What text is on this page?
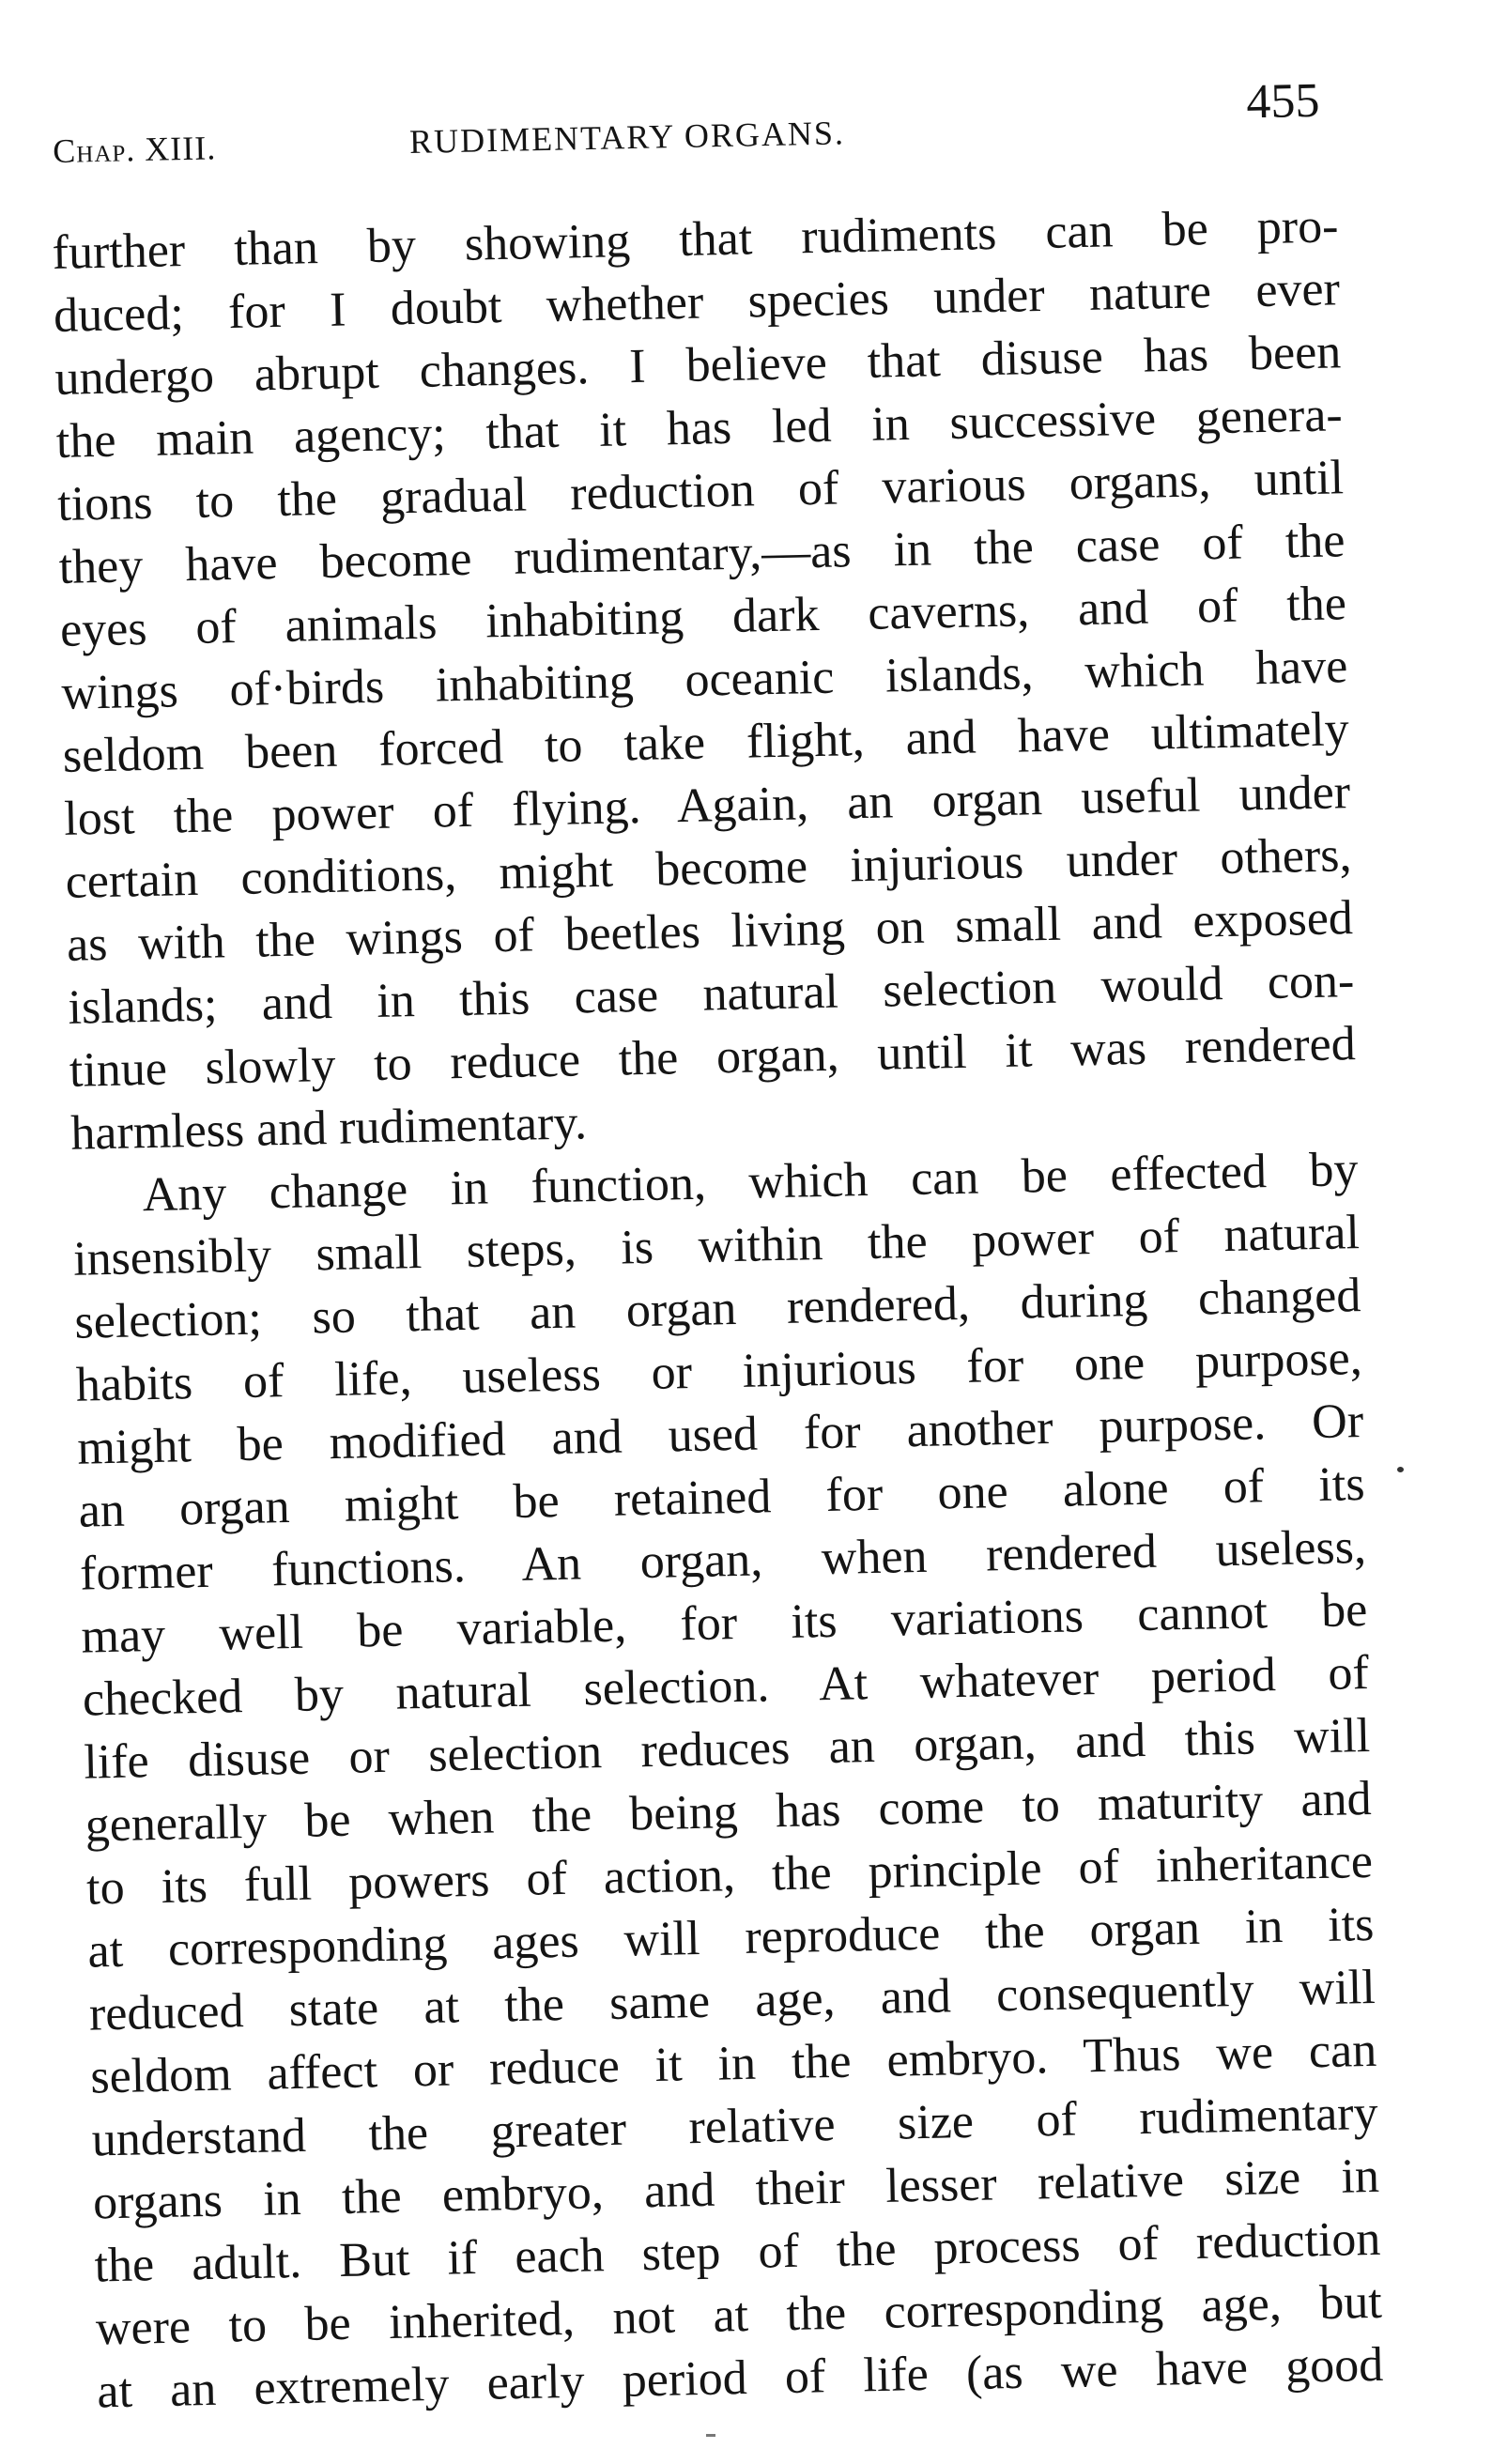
Chap. XIII.	RUDIMENTARY ORGANS.
455
further than by showing that rudiments can be pro-
duced; for I doubt whether species under nature ever
undergo abrupt changes. I believe that disuse has been
the main agency; that it has led in successive genera-
tions to the gradual reduction of various organs, until
they have become rudimentary,—as in the case of the
eyes of animals inhabiting dark caverns, and of the
wings of·birds inhabiting oceanic islands, which have
seldom been forced to take flight, and have ultimately
lost the power of flying. Again, an organ useful under
certain conditions, might become injurious under others,
as with the wings of beetles living on small and exposed
islands; and in this case natural selection would con-
tinue slowly to reduce the organ, until it was rendered
harmless and rudimentary.
Any change in function, which can be effected by
insensibly small steps, is within the power of natural
selection; so that an organ rendered, during changed
habits of life, useless or injurious for one purpose,
might be modified and used for another purpose. Or
an organ might be retained for one alone of its
former functions. An organ, when rendered useless,
may well be variable, for its variations cannot be
checked by natural selection. At whatever period of
life disuse or selection reduces an organ, and this will
generally be when the being has come to maturity and
to its full powers of action, the principle of inheritance
at corresponding ages will reproduce the organ in its
reduced state at the same age, and consequently will
seldom affect or reduce it in the embryo. Thus we can
understand the greater relative size of rudimentary
organs in the embryo, and their lesser relative size in
the adult. But if each step of the process of reduction
were to be inherited, not at the corresponding age, but
at an extremely early period of life (as we have good
